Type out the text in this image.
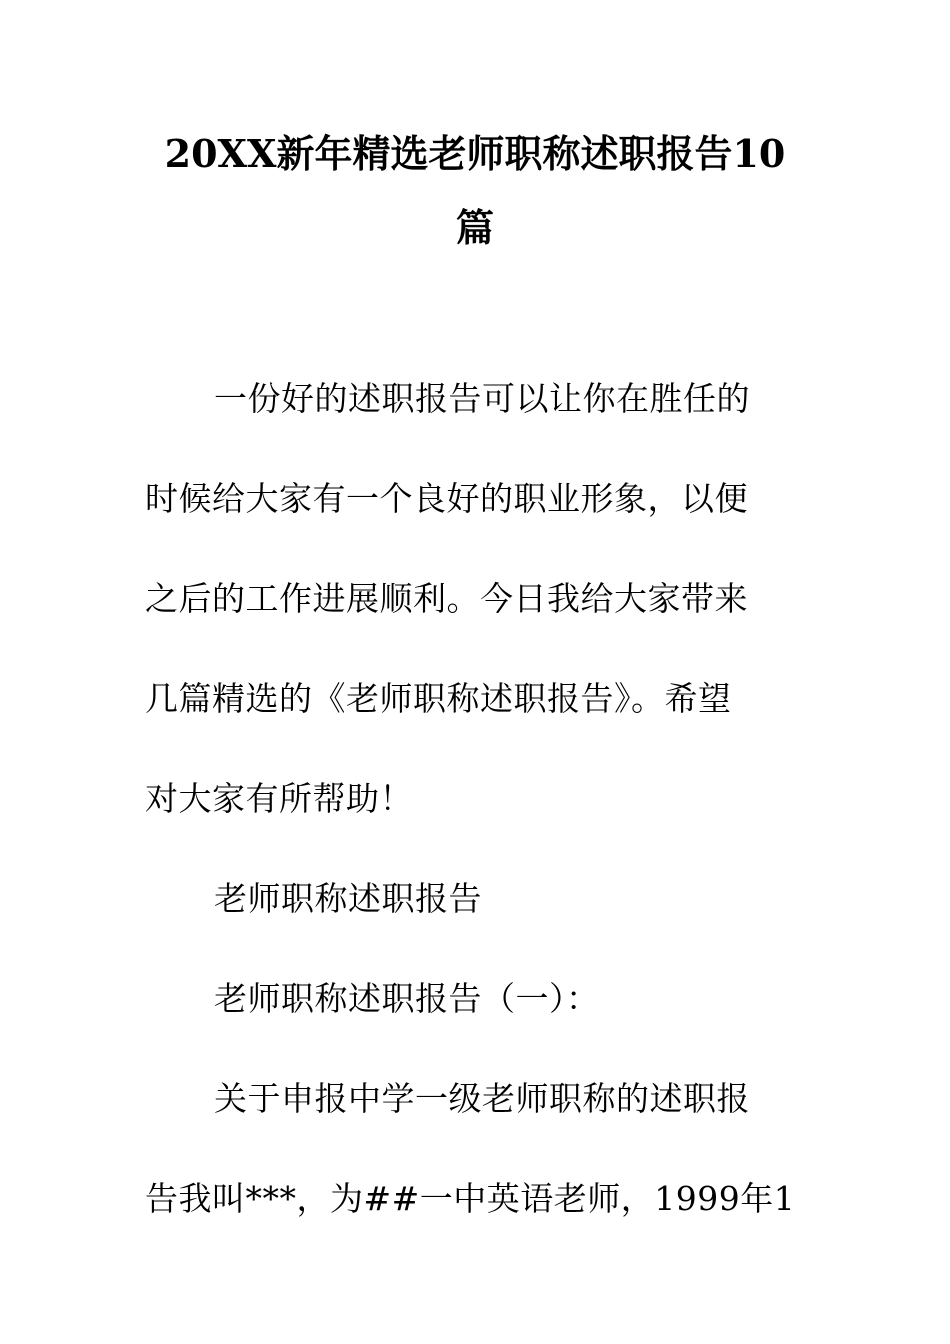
20XX新年精选老师职称述职报告10
篇
一份好的述职报告可以让你在胜任的
时候给大家有一个良好的职业形象，以便
之后的工作进展顺利。今日我给大家带来
几篇精选的《老师职称述职报告》。希望
对大家有所帮助！
老师职称述职报告
老师职称述职报告（一）：
关于申报中学一级老师职称的述职报
告我叫***，为##一中英语老师，1999年1
